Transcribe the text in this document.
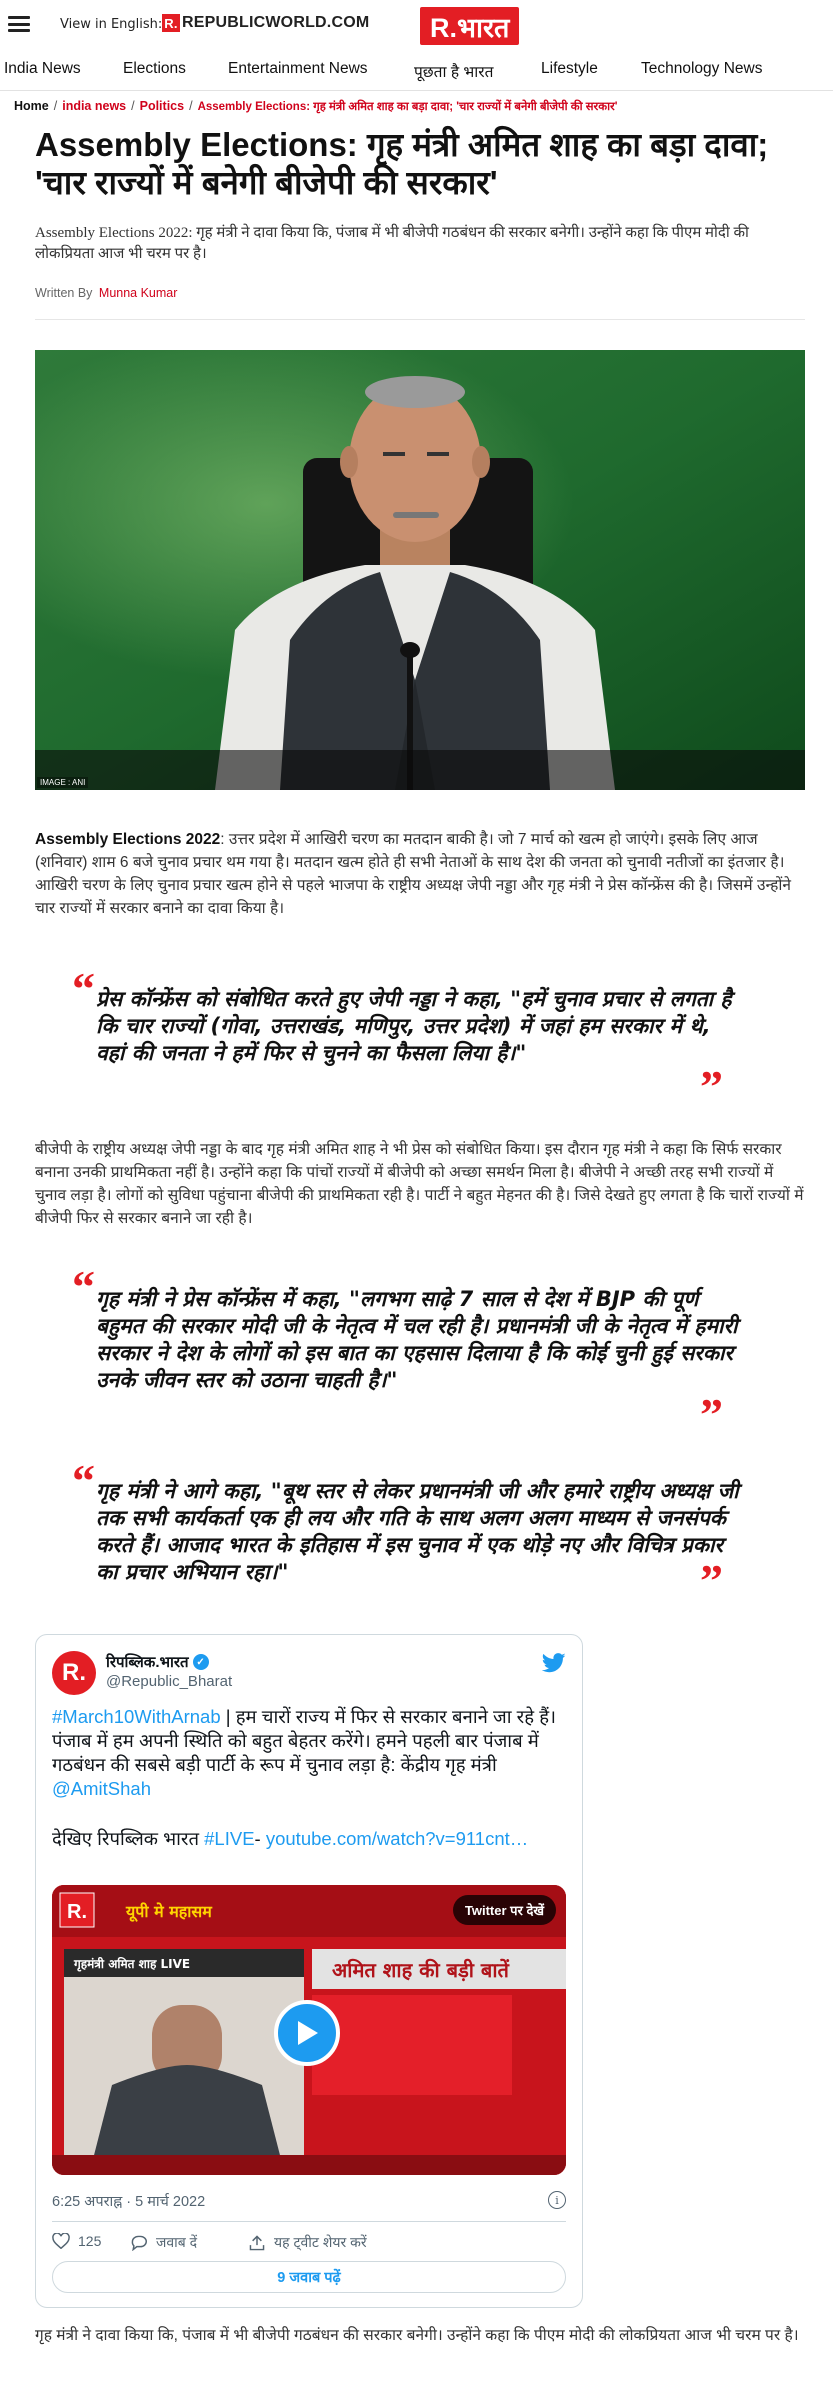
View in English: R. REPUBLICWORLD.COM	R.भारत
India News	Elections	Entertainment News	पूछता है भारत	Lifestyle	Technology News
Home / india news / Politics / Assembly Elections: गृह मंत्री अमित शाह का बड़ा दावा; 'चार राज्यों में बनेगी बीजेपी की सरकार'
Assembly Elections: गृह मंत्री अमित शाह का बड़ा दावा; 'चार राज्यों में बनेगी बीजेपी की सरकार'

Assembly Elections 2022: गृह मंत्री ने दावा किया कि, पंजाब में भी बीजेपी गठबंधन की सरकार बनेगी। उन्होंने कहा कि पीएम मोदी की लोकप्रियता आज भी चरम पर है।

Written By Munna Kumar
IMAGE : ANI

Assembly Elections 2022: उत्तर प्रदेश में आखिरी चरण का मतदान बाकी है। जो 7 मार्च को खत्म हो जाएंगे। इसके लिए आज (शनिवार) शाम 6 बजे चुनाव प्रचार थम गया है। मतदान खत्म होते ही सभी नेताओं के साथ देश की जनता को चुनावी नतीजों का इंतजार है। आखिरी चरण के लिए चुनाव प्रचार खत्म होने से पहले भाजपा के राष्ट्रीय अध्यक्ष जेपी नड्डा और गृह मंत्री ने प्रेस कॉन्फ्रेंस की है। जिसमें उन्होंने चार राज्यों में सरकार बनाने का दावा किया है।

“ प्रेस कॉन्फ्रेंस को संबोधित करते हुए जेपी नड्डा ने कहा, "हमें चुनाव प्रचार से लगता है कि चार राज्यों (गोवा, उत्तराखंड, मणिपुर, उत्तर प्रदेश) में जहां हम सरकार में थे, वहां की जनता ने हमें फिर से चुनने का फैसला लिया है।"
”

बीजेपी के राष्ट्रीय अध्यक्ष जेपी नड्डा के बाद गृह मंत्री अमित शाह ने भी प्रेस को संबोधित किया। इस दौरान गृह मंत्री ने कहा कि सिर्फ सरकार बनाना उनकी प्राथमिकता नहीं है। उन्होंने कहा कि पांचों राज्यों में बीजेपी को अच्छा समर्थन मिला है। बीजेपी ने अच्छी तरह सभी राज्यों में चुनाव लड़ा है। लोगों को सुविधा पहुंचाना बीजेपी की प्राथमिकता रही है। पार्टी ने बहुत मेहनत की है। जिसे देखते हुए लगता है कि चारों राज्यों में बीजेपी फिर से सरकार बनाने जा रही है।

“ गृह मंत्री ने प्रेस कॉन्फ्रेंस में कहा, "लगभग साढ़े 7 साल से देश में BJP की पूर्ण बहुमत की सरकार मोदी जी के नेतृत्व में चल रही है। प्रधानमंत्री जी के नेतृत्व में हमारी सरकार ने देश के लोगों को इस बात का एहसास दिलाया है कि कोई चुनी हुई सरकार उनके जीवन स्तर को उठाना चाहती है।"
”
“ गृह मंत्री ने आगे कहा, "बूथ स्तर से लेकर प्रधानमंत्री जी और हमारे राष्ट्रीय अध्यक्ष जी तक सभी कार्यकर्ता एक ही लय और गति के साथ अलग अलग माध्यम से जनसंपर्क करते हैं। आजाद भारत के इतिहास में इस चुनाव में एक थोड़े नए और विचित्र प्रकार का प्रचार अभियान रहा।"	”
R.	रिपब्लिक.भारत ✓
@Republic_Bharat

#March10WithArnab | हम चारों राज्य में फिर से सरकार बनाने जा रहे हैं। पंजाब में हम अपनी स्थिति को बहुत बेहतर करेंगे। हमने पहली बार पंजाब में गठबंधन की सबसे बड़ी पार्टी के रूप में चुनाव लड़ा है: केंद्रीय गृह मंत्री @AmitShah

देखिए रिपब्लिक भारत #LIVE- youtube.com/watch?v=911cnt…

R. यूपी मे महासम
गृहमंत्री अमित शाह LIVE	अमित शाह की बड़ी बातें
Twitter पर देखें
6:25 अपराह्न · 5 मार्च 2022	i
125	जवाब दें	यह ट्वीट शेयर करें
9 जवाब पढ़ें

गृह मंत्री ने दावा किया कि, पंजाब में भी बीजेपी गठबंधन की सरकार बनेगी। उन्होंने कहा कि पीएम मोदी की लोकप्रियता आज भी चरम पर है।
